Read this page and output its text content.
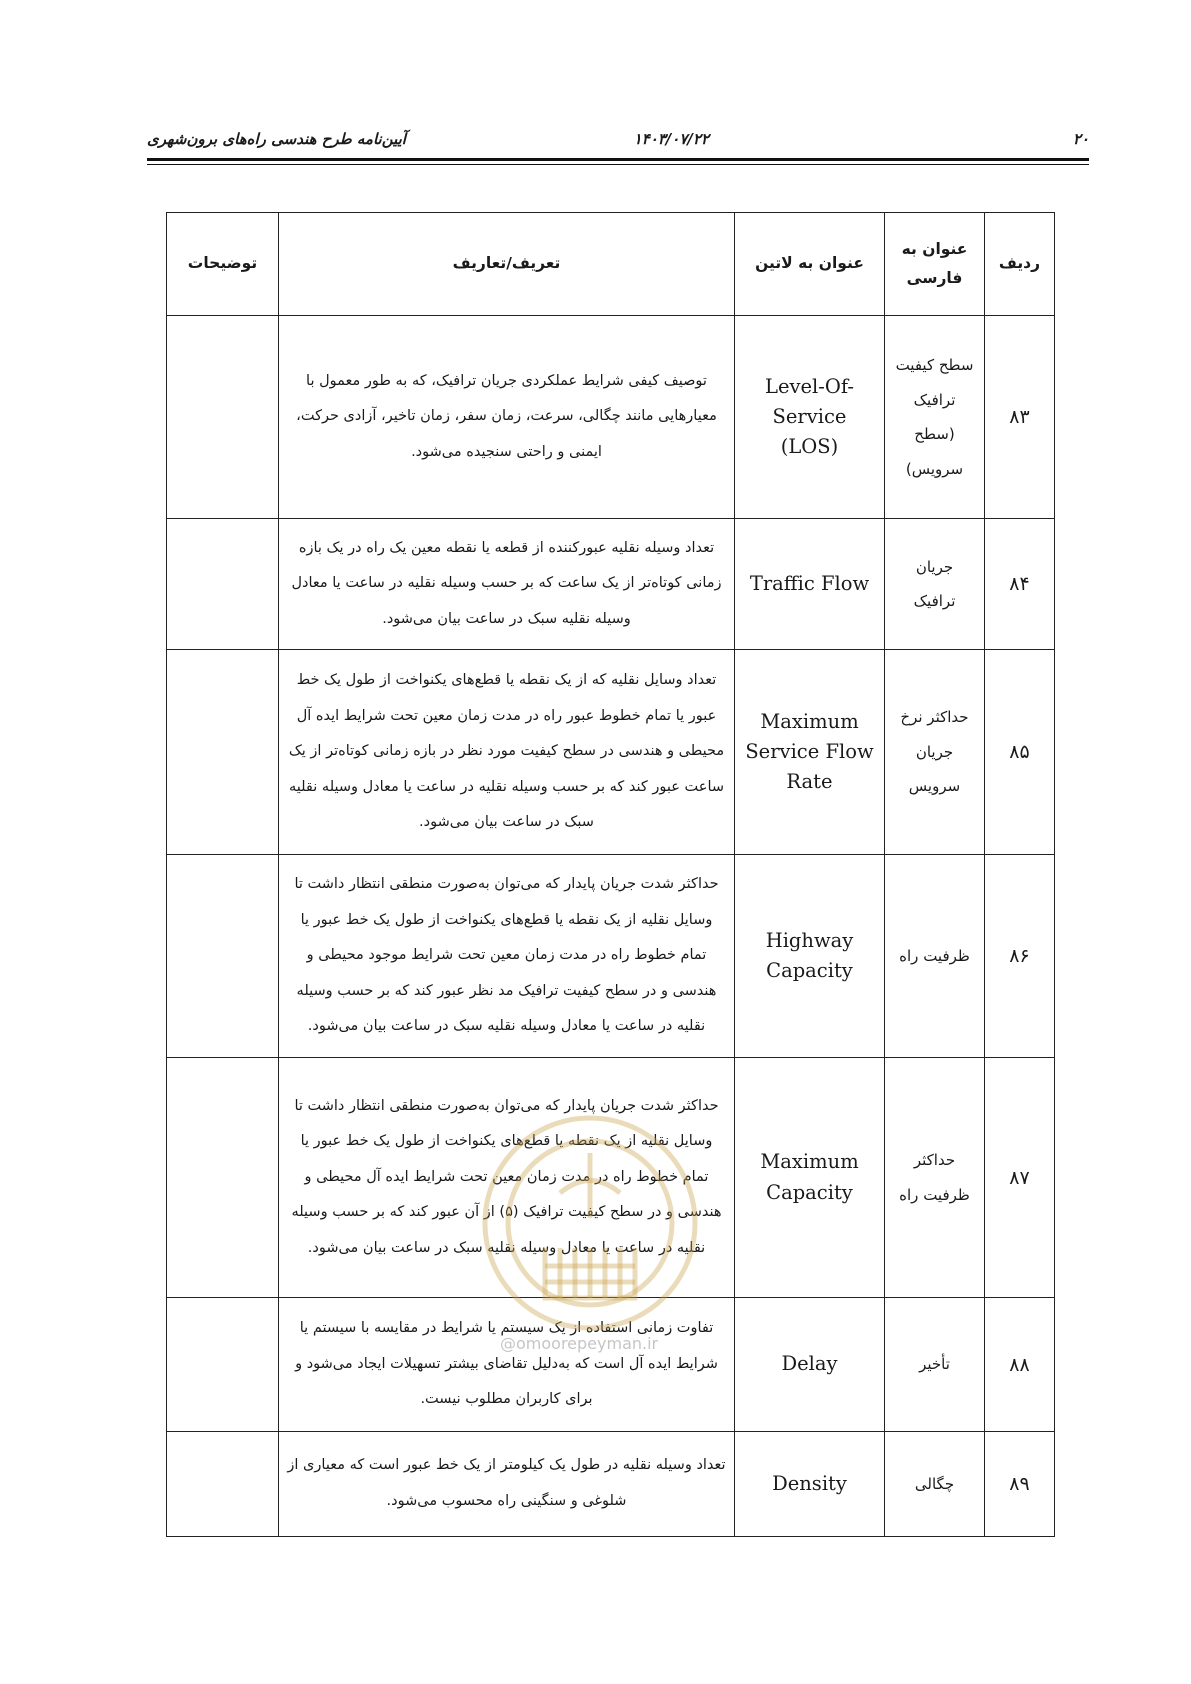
۲۰
۱۴۰۳/۰۷/۲۲
آیین‌نامه طرح هندسی راه‌های برون‌شهری
ردیف	عنوان به فارسی	عنوان به لاتین	تعریف/تعاریف	توضیحات
۸۳	سطح کیفیت ترافیک (سطح سرویس)	Level-Of-Service (LOS)	توصیف کیفی شرایط عملکردی جریان ترافیک، که به طور معمول با معیارهایی مانند چگالی، سرعت، زمان سفر، زمان تاخیر، آزادی حرکت، ایمنی و راحتی سنجیده می‌شود.	
۸۴	جریان ترافیک	Traffic Flow	تعداد وسیله نقلیه عبورکننده از قطعه یا نقطه معین یک راه در یک بازه زمانی کوتاه‌تر از یک ساعت که بر حسب وسیله نقلیه در ساعت یا معادل وسیله نقلیه سبک در ساعت بیان می‌شود.	
۸۵	حداکثر نرخ جریان سرویس	Maximum Service Flow Rate	تعداد وسایل نقلیه که از یک نقطه یا قطع‌های یکنواخت از طول یک خط عبور یا تمام خطوط عبور راه در مدت زمان معین تحت شرایط ایده آل محیطی و هندسی در سطح کیفیت مورد نظر در بازه زمانی کوتاه‌تر از یک ساعت عبور کند که بر حسب وسیله نقلیه در ساعت یا معادل وسیله نقلیه سبک در ساعت بیان می‌شود.	
۸۶	ظرفیت راه	Highway Capacity	حداکثر شدت جریان پایدار که می‌توان به‌صورت منطقی انتظار داشت تا وسایل نقلیه از یک نقطه یا قطع‌های یکنواخت از طول یک خط عبور یا تمام خطوط راه در مدت زمان معین تحت شرایط موجود محیطی و هندسی و در سطح کیفیت ترافیک مد نظر عبور کند که بر حسب وسیله نقلیه در ساعت یا معادل وسیله نقلیه سبک در ساعت بیان می‌شود.	
۸۷	حداکثر ظرفیت راه	Maximum Capacity	حداکثر شدت جریان پایدار که می‌توان به‌صورت منطقی انتظار داشت تا وسایل نقلیه از یک نقطه یا قطع‌های یکنواخت از طول یک خط عبور یا تمام خطوط راه در مدت زمان معین تحت شرایط ایده آل محیطی و هندسی و در سطح کیفیت ترافیک (۵) از آن عبور کند که بر حسب وسیله نقلیه در ساعت یا معادل وسیله نقلیه سبک در ساعت بیان می‌شود.	
۸۸	تأخیر	Delay	تفاوت زمانی استفاده از یک سیستم یا شرایط در مقایسه با سیستم یا شرایط ایده آل است که به‌دلیل تقاضای بیشتر تسهیلات ایجاد می‌شود و برای کاربران مطلوب نیست.	
۸۹	چگالی	Density	تعداد وسیله نقلیه در طول یک کیلومتر از یک خط عبور است که معیاری از شلوغی و سنگینی راه محسوب می‌شود.	
@omoorepeyman.ir
